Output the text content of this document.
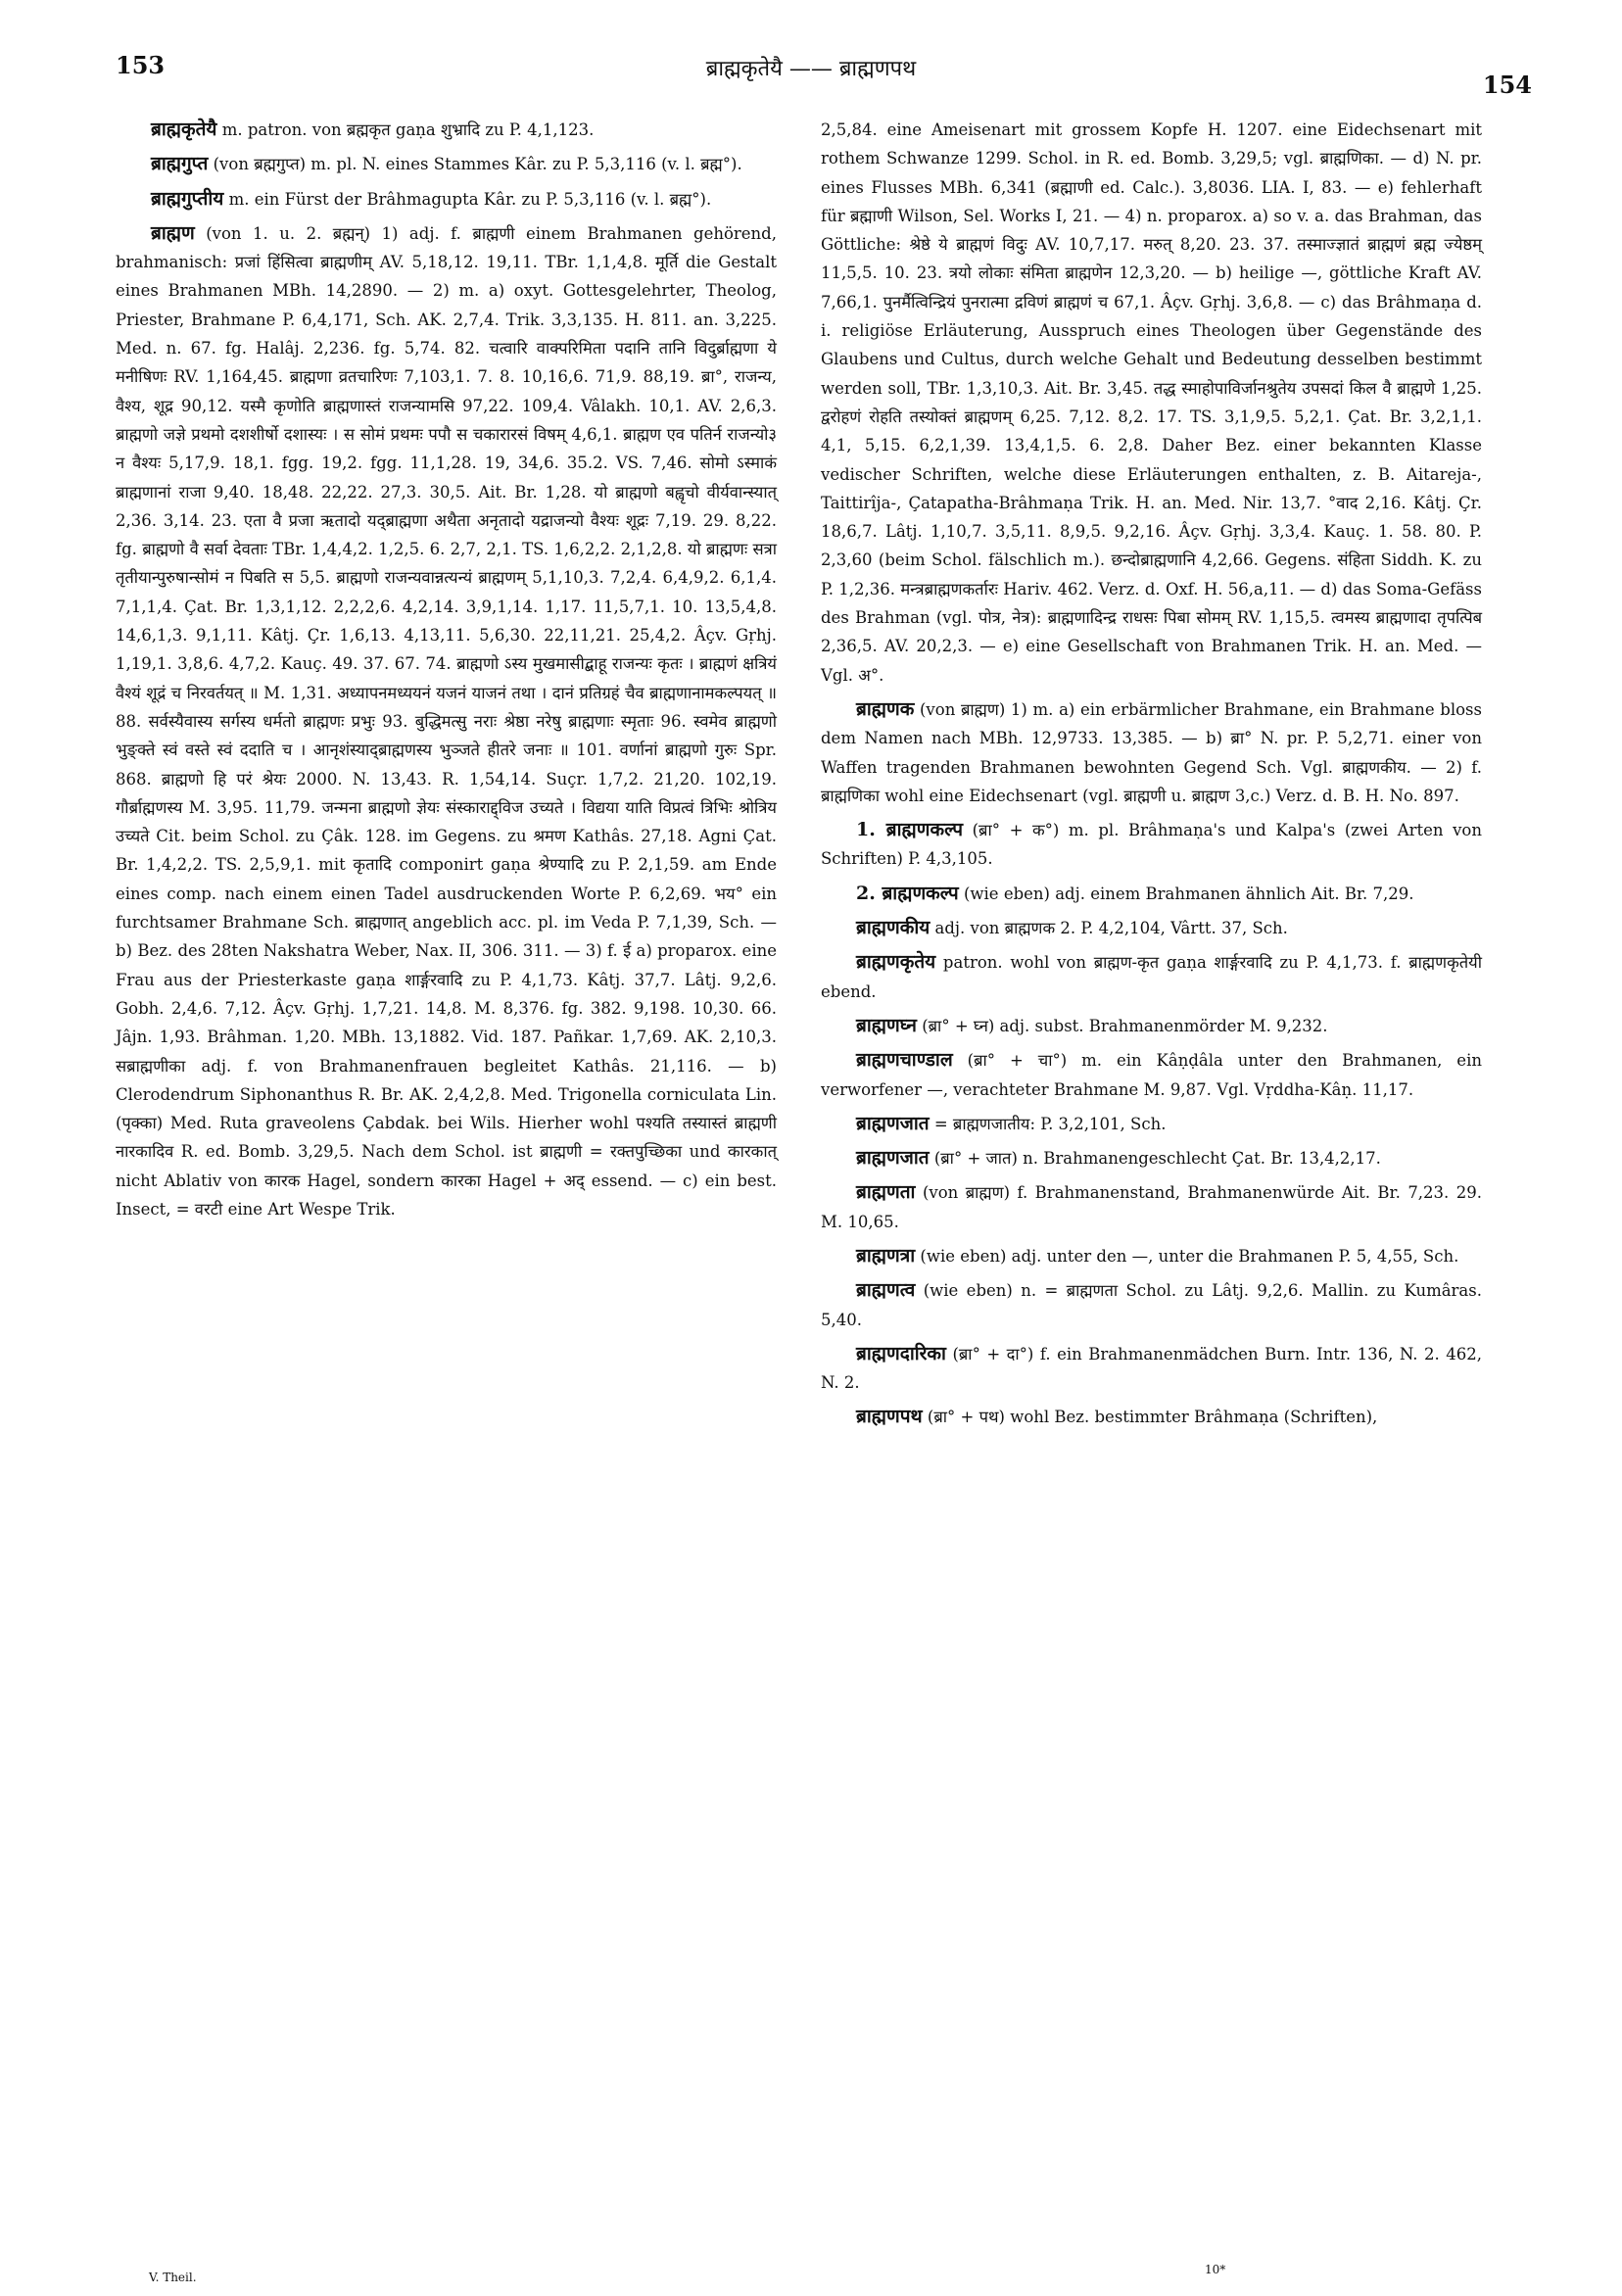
153	ब्राह्मकृतेयै —— ब्राह्मणपथ
154

ब्राह्मकृतेयै m. patron. von ब्रह्मकृत gaṇa शुभ्रादि zu P. 4,1,123.

ब्राह्मगुप्त (von ब्रह्मगुप्त) m. pl. N. eines Stammes Kâr. zu P. 5,3,116 (v. l. ब्रह्म°).

ब्राह्मगुप्तीय m. ein Fürst der Brâhmagupta Kâr. zu P. 5,3,116 (v. l. ब्रह्म°).

ब्राह्मण (von 1. u. 2. ब्रह्मन्) 1) adj. f. ब्राह्मणी einem Brahmanen gehörend, brahmanisch: प्रजां हिंसित्वा ब्राह्मणीम् AV. 5,18,12. 19,11. TBr. 1,1,4,8. मूर्ति die Gestalt eines Brahmanen MBh. 14,2890. — 2) m. a) oxyt. Gottesgelehrter, Theolog, Priester, Brahmane P. 6,4,171, Sch. AK. 2,7,4. Trik. 3,3,135. H. 811. an. 3,225. Med. n. 67. fg. Halâj. 2,236. fg. 5,74. 82. चत्वारि वाक्परिमिता पदानि तानि विदुर्ब्राह्मणा ये मनीषिणः RV. 1,164,45. ब्राह्मणा व्रतचारिणः 7,103,1. 7. 8. 10,16,6. 71,9. 88,19. ब्रा°, राजन्य, वैश्य, शूद्र 90,12. यस्मै कृणोति ब्राह्मणास्तं राजन्यामसि 97,22. 109,4. Vâlakh. 10,1. AV. 2,6,3. ब्राह्मणो जज्ञे प्रथमो दशशीर्षो दशास्यः । स सोमं प्रथमः पपौ स चकारारसं विषम् 4,6,1. ब्राह्मण एव पतिर्न राजन्यो३ न वैश्यः 5,17,9. 18,1. fgg. 19,2. fgg. 11,1,28. 19, 34,6. 35.2. VS. 7,46. सोमो ऽस्माकं ब्राह्मणानां राजा 9,40. 18,48. 22,22. 27,3. 30,5. Ait. Br. 1,28. यो ब्राह्मणो बह्वृचो वीर्यवान्स्यात् 2,36. 3,14. 23. एता वै प्रजा ऋतादो यद्ब्राह्मणा अथैता अनृतादो यद्राजन्यो वैश्यः शूद्रः 7,19. 29. 8,22. fg. ब्राह्मणो वै सर्वा देवताः TBr. 1,4,4,2. 1,2,5. 6. 2,7, 2,1. TS. 1,6,2,2. 2,1,2,8. यो ब्राह्मणः सत्रा तृतीयान्पुरुषान्सोमं न पिबति स 5,5. ब्राह्मणो राजन्यवान्नत्यन्यं ब्राह्मणम् 5,1,10,3. 7,2,4. 6,4,9,2. 6,1,4. 7,1,1,4. Çat. Br. 1,3,1,12. 2,2,2,6. 4,2,14. 3,9,1,14. 1,17. 11,5,7,1. 10. 13,5,4,8. 14,6,1,3. 9,1,11. Kâtj. Çr. 1,6,13. 4,13,11. 5,6,30. 22,11,21. 25,4,2. Âçv. Gṛhj. 1,19,1. 3,8,6. 4,7,2. Kauç. 49. 37. 67. 74. ब्राह्मणो ऽस्य मुखमासीद्बाहू राजन्यः कृतः । ब्राह्मणं क्षत्रियं वैश्यं शूद्रं च निरवर्तयत् ॥ M. 1,31. अध्यापनमध्ययनं यजनं याजनं तथा । दानं प्रतिग्रहं चैव ब्राह्मणानामकल्पयत् ॥ 88. सर्वस्यैवास्य सर्गस्य धर्मतो ब्राह्मणः प्रभुः 93. बुद्धिमत्सु नराः श्रेष्ठा नरेषु ब्राह्मणाः स्मृताः 96. स्वमेव ब्राह्मणो भुङ्क्ते स्वं वस्ते स्वं ददाति च । आनृशंस्याद्ब्राह्मणस्य भुञ्जते हीतरे जनाः ॥ 101. वर्णानां ब्राह्मणो गुरुः Spr. 868. ब्राह्मणो हि परं श्रेयः 2000. N. 13,43. R. 1,54,14. Suçr. 1,7,2. 21,20. 102,19. गौर्ब्राह्मणस्य M. 3,95. 11,79. जन्मना ब्राह्मणो ज्ञेयः संस्काराद्द्विज उच्यते । विद्यया याति विप्रत्वं त्रिभिः श्रोत्रिय उच्यते Cit. beim Schol. zu Çâk. 128. im Gegens. zu श्रमण Kathâs. 27,18. Agni Çat. Br. 1,4,2,2. TS. 2,5,9,1. mit कृतादि componirt gaṇa श्रेण्यादि zu P. 2,1,59. am Ende eines comp. nach einem einen Tadel ausdruckenden Worte P. 6,2,69. भय° ein furchtsamer Brahmane Sch. ब्राह्मणात् angeblich acc. pl. im Veda P. 7,1,39, Sch. — b) Bez. des 28ten Nakshatra Weber, Nax. II, 306. 311. — 3) f. ई a) proparox. eine Frau aus der Priesterkaste gaṇa शार्ङ्गरवादि zu P. 4,1,73. Kâtj. 37,7. Lâtj. 9,2,6. Gobh. 2,4,6. 7,12. Âçv. Gṛhj. 1,7,21. 14,8. M. 8,376. fg. 382. 9,198. 10,30. 66. Jâjn. 1,93. Brâhman. 1,20. MBh. 13,1882. Vid. 187. Pañkar. 1,7,69. AK. 2,10,3. सब्राह्मणीका adj. f. von Brahmanenfrauen begleitet Kathâs. 21,116. — b) Clerodendrum Siphonanthus R. Br. AK. 2,4,2,8. Med. Trigonella corniculata Lin. (पृक्का) Med. Ruta graveolens Çabdak. bei Wils. Hierher wohl पश्यति तस्यास्तं ब्राह्मणी नारकादिव R. ed. Bomb. 3,29,5. Nach dem Schol. ist ब्राह्मणी = रक्तपुच्छिका und कारकात् nicht Ablativ von कारक Hagel, sondern कारका Hagel + अद् essend. — c) ein best. Insect, = वरटी eine Art Wespe Trik.

2,5,84. eine Ameisenart mit grossem Kopfe H. 1207. eine Eidechsenart mit rothem Schwanze 1299. Schol. in R. ed. Bomb. 3,29,5; vgl. ब्राह्मणिका. — d) N. pr. eines Flusses MBh. 6,341 (ब्रह्माणी ed. Calc.). 3,8036. LIA. I, 83. — e) fehlerhaft für ब्रह्माणी Wilson, Sel. Works I, 21. — 4) n. proparox. a) so v. a. das Brahman, das Göttliche: श्रेष्ठे ये ब्राह्मणं विदुः AV. 10,7,17. मरुत् 8,20. 23. 37. तस्माज्ज्ञातं ब्राह्मणं ब्रह्म ज्येष्ठम् 11,5,5. 10. 23. त्रयो लोकाः संमिता ब्राह्मणेन 12,3,20. — b) heilige —, göttliche Kraft AV. 7,66,1. पुनर्मैत्विन्द्रियं पुनरात्मा द्रविणं ब्राह्मणं च 67,1. Âçv. Gṛhj. 3,6,8. — c) das Brâhmaṇa d. i. religiöse Erläuterung, Ausspruch eines Theologen über Gegenstände des Glaubens und Cultus, durch welche Gehalt und Bedeutung desselben bestimmt werden soll, TBr. 1,3,10,3. Ait. Br. 3,45. तद्ध स्माहोपाविर्जानश्रुतेय उपसदां किल वै ब्राह्मणे 1,25. द्वरोहणं रोहति तस्योक्तं ब्राह्मणम् 6,25. 7,12. 8,2. 17. TS. 3,1,9,5. 5,2,1. Çat. Br. 3,2,1,1. 4,1, 5,15. 6,2,1,39. 13,4,1,5. 6. 2,8. Daher Bez. einer bekannten Klasse vedischer Schriften, welche diese Erläuterungen enthalten, z. B. Aitareja-, Taittirîja-, Çatapatha-Brâhmaṇa Trik. H. an. Med. Nir. 13,7. °वाद 2,16. Kâtj. Çr. 18,6,7. Lâtj. 1,10,7. 3,5,11. 8,9,5. 9,2,16. Âçv. Gṛhj. 3,3,4. Kauç. 1. 58. 80. P. 2,3,60 (beim Schol. fälschlich m.). छन्दोब्राह्मणानि 4,2,66. Gegens. संहिता Siddh. K. zu P. 1,2,36. मन्त्रब्राह्मणकर्तारः Hariv. 462. Verz. d. Oxf. H. 56,a,11. — d) das Soma-Gefäss des Brahman (vgl. पोत्र, नेत्र): ब्राह्मणादिन्द्र राधसः पिबा सोमम् RV. 1,15,5. त्वमस्य ब्राह्मणादा तृपत्पिब 2,36,5. AV. 20,2,3. — e) eine Gesellschaft von Brahmanen Trik. H. an. Med. — Vgl. अ°.

ब्राह्मणक (von ब्राह्मण) 1) m. a) ein erbärmlicher Brahmane, ein Brahmane bloss dem Namen nach MBh. 12,9733. 13,385. — b) ब्रा° N. pr. P. 5,2,71. einer von Waffen tragenden Brahmanen bewohnten Gegend Sch. Vgl. ब्राह्मणकीय. — 2) f. ब्राह्मणिका wohl eine Eidechsenart (vgl. ब्राह्मणी u. ब्राह्मण 3,c.) Verz. d. B. H. No. 897.

1. ब्राह्मणकल्प (ब्रा° + क°) m. pl. Brâhmaṇa's und Kalpa's (zwei Arten von Schriften) P. 4,3,105.

2. ब्राह्मणकल्प (wie eben) adj. einem Brahmanen ähnlich Ait. Br. 7,29.

ब्राह्मणकीय adj. von ब्राह्मणक 2. P. 4,2,104, Vârtt. 37, Sch.

ब्राह्मणकृतेय patron. wohl von ब्राह्मण-कृत gaṇa शार्ङ्गरवादि zu P. 4,1,73. f. ब्राह्मणकृतेयी ebend.

ब्राह्मणघ्न (ब्रा° + घ्न) adj. subst. Brahmanenmörder M. 9,232.

ब्राह्मणचाण्डाल (ब्रा° + चा°) m. ein Kâṇḍâla unter den Brahmanen, ein verworfener —, verachteter Brahmane M. 9,87. Vgl. Vṛddha-Kâṇ. 11,17.

ब्राह्मणजात = ब्राह्मणजातीय: P. 3,2,101, Sch.

ब्राह्मणजात (ब्रा° + जात) n. Brahmanengeschlecht Çat. Br. 13,4,2,17.

ब्राह्मणता (von ब्राह्मण) f. Brahmanenstand, Brahmanenwürde Ait. Br. 7,23. 29. M. 10,65.

ब्राह्मणत्रा (wie eben) adj. unter den —, unter die Brahmanen P. 5, 4,55, Sch.

ब्राह्मणत्व (wie eben) n. = ब्राह्मणता Schol. zu Lâtj. 9,2,6. Mallin. zu Kumâras. 5,40.

ब्राह्मणदारिका (ब्रा° + दा°) f. ein Brahmanenmädchen Burn. Intr. 136, N. 2. 462, N. 2.

ब्राह्मणपथ (ब्रा° + पथ) wohl Bez. bestimmter Brâhmaṇa (Schriften),

V. Theil.
10*
